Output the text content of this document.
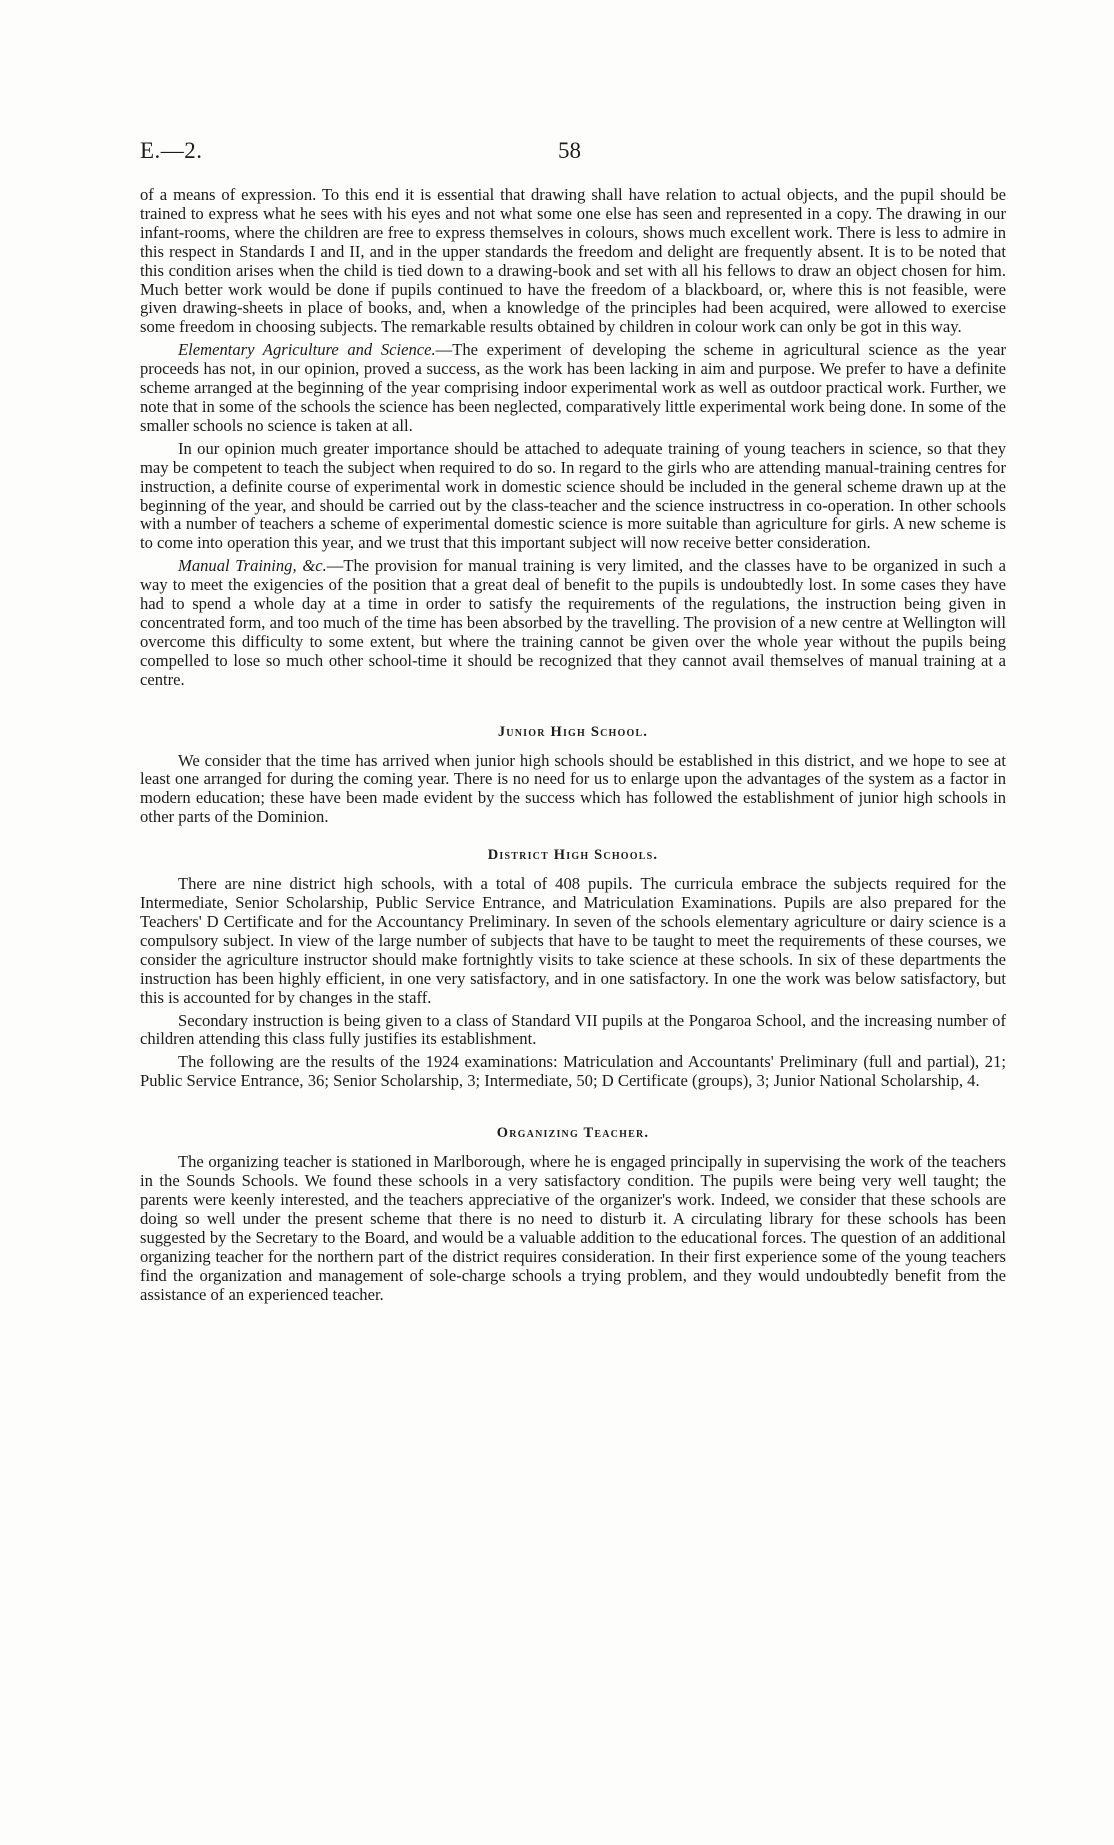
E.—2.	58

of a means of expression. To this end it is essential that drawing shall have relation to actual objects, and the pupil should be trained to express what he sees with his eyes and not what some one else has seen and represented in a copy. The drawing in our infant-rooms, where the children are free to express themselves in colours, shows much excellent work. There is less to admire in this respect in Standards I and II, and in the upper standards the freedom and delight are frequently absent. It is to be noted that this condition arises when the child is tied down to a drawing-book and set with all his fellows to draw an object chosen for him. Much better work would be done if pupils continued to have the freedom of a blackboard, or, where this is not feasible, were given drawing-sheets in place of books, and, when a knowledge of the principles had been acquired, were allowed to exercise some freedom in choosing subjects. The remarkable results obtained by children in colour work can only be got in this way.

Elementary Agriculture and Science.—The experiment of developing the scheme in agricultural science as the year proceeds has not, in our opinion, proved a success, as the work has been lacking in aim and purpose. We prefer to have a definite scheme arranged at the beginning of the year comprising indoor experimental work as well as outdoor practical work. Further, we note that in some of the schools the science has been neglected, comparatively little experimental work being done. In some of the smaller schools no science is taken at all.

In our opinion much greater importance should be attached to adequate training of young teachers in science, so that they may be competent to teach the subject when required to do so. In regard to the girls who are attending manual-training centres for instruction, a definite course of experimental work in domestic science should be included in the general scheme drawn up at the beginning of the year, and should be carried out by the class-teacher and the science instructress in co-operation. In other schools with a number of teachers a scheme of experimental domestic science is more suitable than agriculture for girls. A new scheme is to come into operation this year, and we trust that this important subject will now receive better consideration.

Manual Training, &c.—The provision for manual training is very limited, and the classes have to be organized in such a way to meet the exigencies of the position that a great deal of benefit to the pupils is undoubtedly lost. In some cases they have had to spend a whole day at a time in order to satisfy the requirements of the regulations, the instruction being given in concentrated form, and too much of the time has been absorbed by the travelling. The provision of a new centre at Wellington will overcome this difficulty to some extent, but where the training cannot be given over the whole year without the pupils being compelled to lose so much other school-time it should be recognized that they cannot avail themselves of manual training at a centre.

Junior High School.

We consider that the time has arrived when junior high schools should be established in this district, and we hope to see at least one arranged for during the coming year. There is no need for us to enlarge upon the advantages of the system as a factor in modern education; these have been made evident by the success which has followed the establishment of junior high schools in other parts of the Dominion.

District High Schools.

There are nine district high schools, with a total of 408 pupils. The curricula embrace the subjects required for the Intermediate, Senior Scholarship, Public Service Entrance, and Matriculation Examinations. Pupils are also prepared for the Teachers' D Certificate and for the Accountancy Preliminary. In seven of the schools elementary agriculture or dairy science is a compulsory subject. In view of the large number of subjects that have to be taught to meet the requirements of these courses, we consider the agriculture instructor should make fortnightly visits to take science at these schools. In six of these departments the instruction has been highly efficient, in one very satisfactory, and in one satisfactory. In one the work was below satisfactory, but this is accounted for by changes in the staff.

Secondary instruction is being given to a class of Standard VII pupils at the Pongaroa School, and the increasing number of children attending this class fully justifies its establishment.

The following are the results of the 1924 examinations: Matriculation and Accountants' Preliminary (full and partial), 21; Public Service Entrance, 36; Senior Scholarship, 3; Intermediate, 50; D Certificate (groups), 3; Junior National Scholarship, 4.

Organizing Teacher.

The organizing teacher is stationed in Marlborough, where he is engaged principally in supervising the work of the teachers in the Sounds Schools. We found these schools in a very satisfactory condition. The pupils were being very well taught; the parents were keenly interested, and the teachers appreciative of the organizer's work. Indeed, we consider that these schools are doing so well under the present scheme that there is no need to disturb it. A circulating library for these schools has been suggested by the Secretary to the Board, and would be a valuable addition to the educational forces. The question of an additional organizing teacher for the northern part of the district requires consideration. In their first experience some of the young teachers find the organization and management of sole-charge schools a trying problem, and they would undoubtedly benefit from the assistance of an experienced teacher.
